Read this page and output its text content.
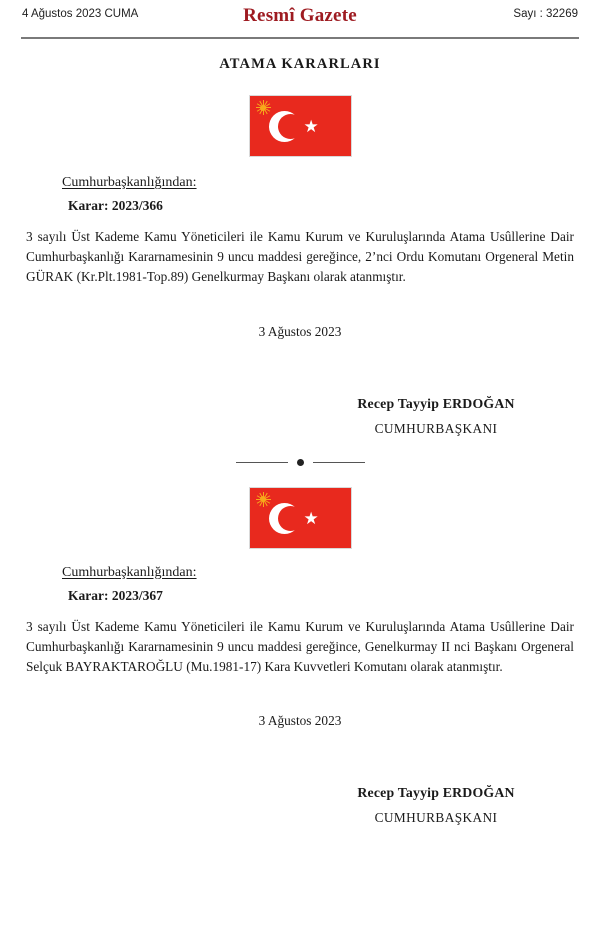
4 Ağustos 2023 CUMA	Sayı : 32269
Resmî Gazete
ATAMA KARARLARI
Cumhurbaşkanlığından:
Karar: 2023/366
3 sayılı Üst Kademe Kamu Yöneticileri ile Kamu Kurum ve Kuruluşlarında Atama Usûllerine Dair Cumhurbaşkanlığı Kararnamesinin 9 uncu maddesi gereğince, 2’nci Ordu Komutanı Orgeneral Metin GÜRAK (Kr.Plt.1981-Top.89) Genelkurmay Başkanı olarak atanmıştır.
3 Ağustos 2023
Recep Tayyip ERDOĞAN
CUMHURBAŞKANI
Cumhurbaşkanlığından:
Karar: 2023/367
3 sayılı Üst Kademe Kamu Yöneticileri ile Kamu Kurum ve Kuruluşlarında Atama Usûllerine Dair Cumhurbaşkanlığı Kararnamesinin 9 uncu maddesi gereğince, Genelkurmay II nci Başkanı Orgeneral Selçuk BAYRAKTAROĞLU (Mu.1981-17) Kara Kuvvetleri Komutanı olarak atanmıştır.
3 Ağustos 2023
Recep Tayyip ERDOĞAN
CUMHURBAŞKANI
